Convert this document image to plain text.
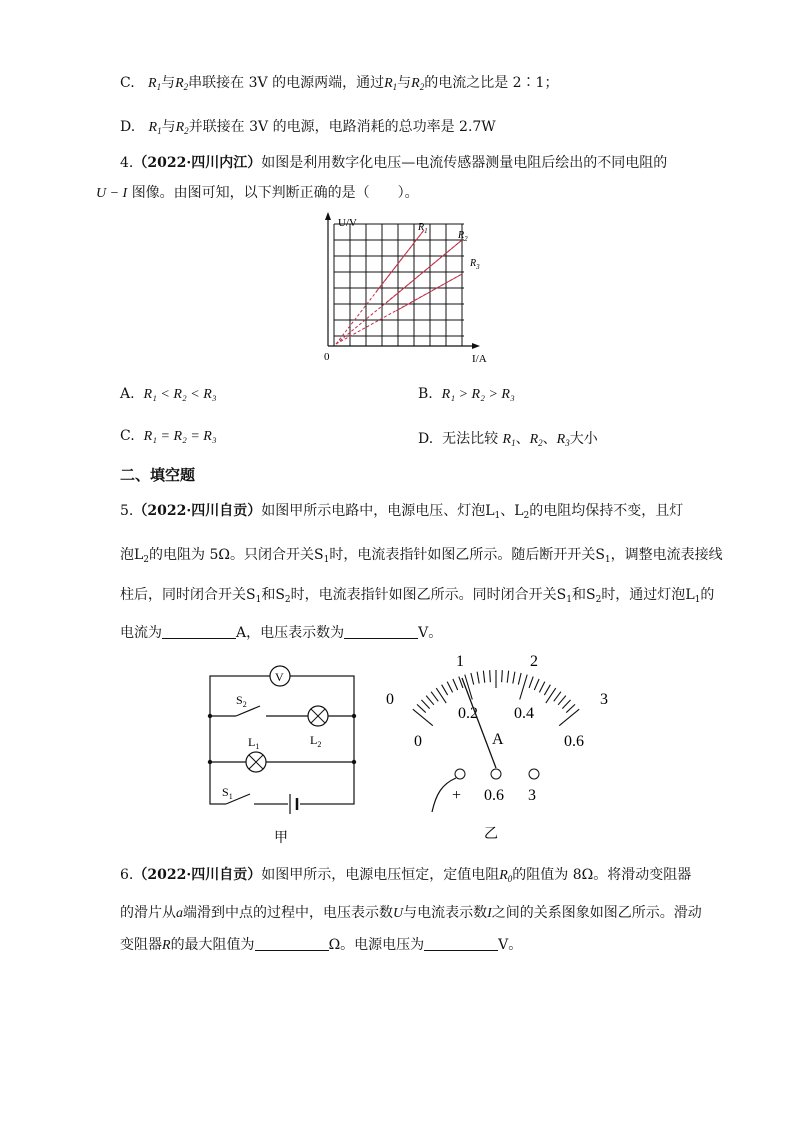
C. $R_1$与$R_2$串联接在 3V 的电源两端，通过$R_1$与$R_2$的电流之比是 2∶1；
D. $R_1$与$R_2$并联接在 3V 的电源，电路消耗的总功率是 2.7W
4.（2022·四川内江）如图是利用数字化电压—电流传感器测量电阻后绘出的不同电阻的
U − I 图像。由图可知，以下判断正确的是（　　）。
U/V
I/A
0
$R_1$	$R_2$
$R_3$
A. R₁ < R₂ < R₃	B. R₁ > R₂ > R₃
C. R₁ = R₂ = R₃	D. 无法比较 $R_1$、$R_2$、$R_3$大小
二、填空题
5.（2022·四川自贡）如图甲所示电路中，电源电压、灯泡$L_1$、$L_2$的电阻均保持不变，且灯
泡$L_2$的电阻为 5Ω。只闭合开关$S_1$时，电流表指针如图乙所示。随后断开开关$S_1$，调整电流表接线
柱后，同时闭合开关$S_1$和$S_2$时，电流表指针如图乙所示。同时闭合开关$S_1$和$S_2$时，通过灯泡$L_1$的
电流为	A，电压表示数为	V。
V
$S_2$
$L_2$
$L_1$
$S_1$
甲
0
1	2
3
0
0.2 0.4
0.6
A
+ 0.6 3
乙
6.（2022·四川自贡）如图甲所示，电源电压恒定，定值电阻$R_0$的阻值为 8Ω。将滑动变阻器
的滑片从a端滑到中点的过程中，电压表示数U与电流表示数I之间的关系图象如图乙所示。滑动
变阻器R的最大阻值为	Ω。电源电压为	V。
